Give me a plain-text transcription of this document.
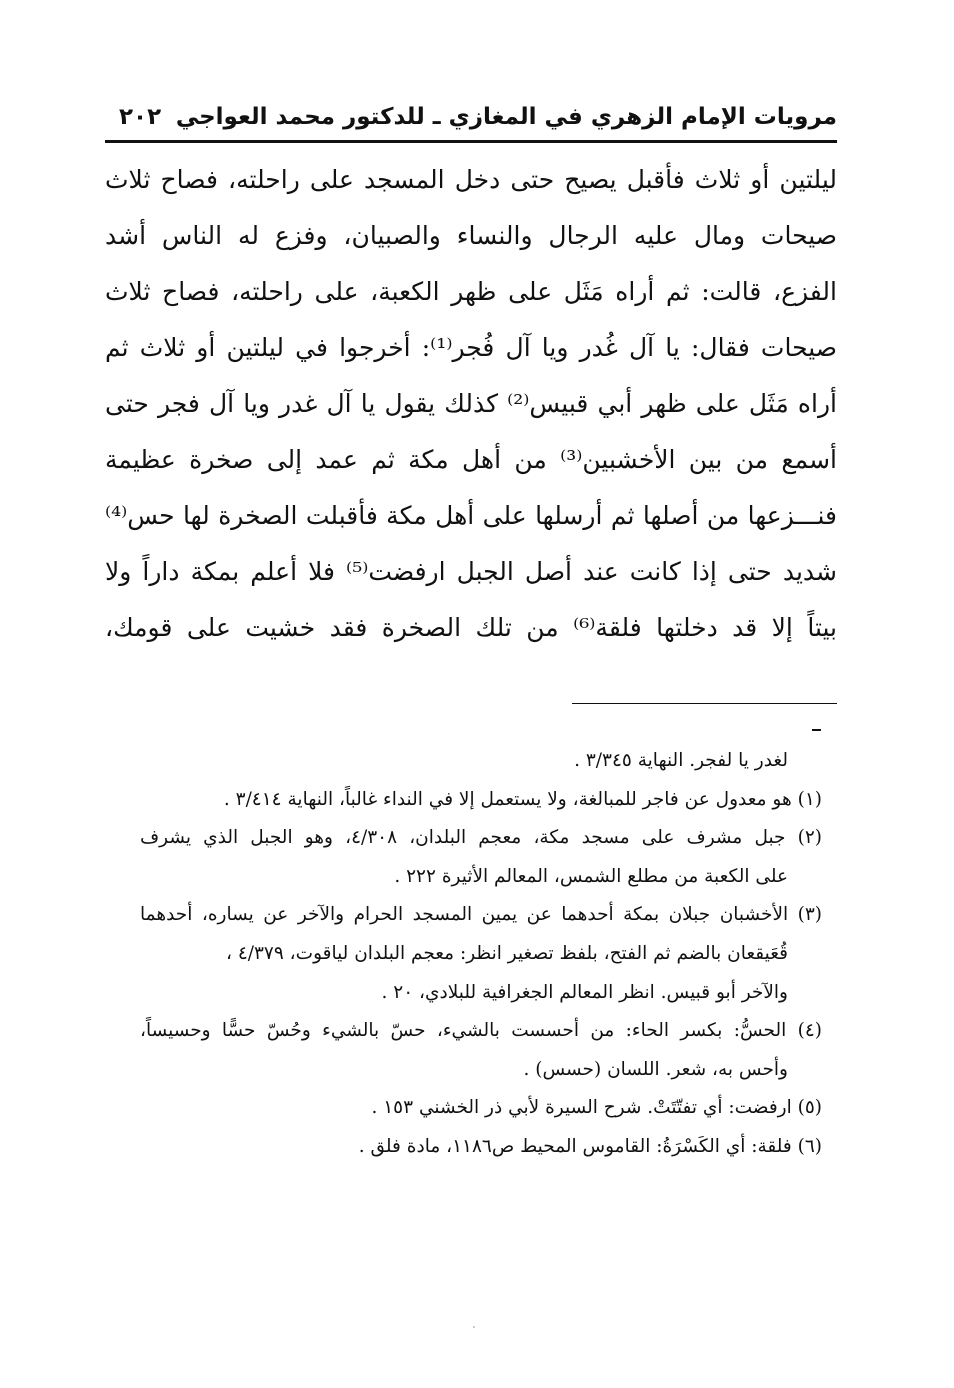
مرويات الإمام الزهري في المغازي ـ للدكتور محمد العواجي
٢٠٢
ليلتين أو ثلاث فأقبل يصيح حتى دخل المسجد على راحلته، فصاح ثلاث
صيحات ومال عليه الرجال والنساء والصبيان، وفزع له الناس أشد
الفزع، قالت: ثم أراه مَثَل على ظهر الكعبة، على راحلته، فصاح ثلاث
صيحات فقال: يا آل غُدر ويا آل فُجر⁽¹⁾: أخرجوا في ليلتين أو ثلاث ثم
أراه مَثَل على ظهر أبي قبيس⁽²⁾ كذلك يقول يا آل غدر ويا آل فجر حتى
أسمع من بين الأخشبين⁽³⁾ من أهل مكة ثم عمد إلى صخرة عظيمة
فنـــزعها من أصلها ثم أرسلها على أهل مكة فأقبلت الصخرة لها حس⁽⁴⁾
شديد حتى إذا كانت عند أصل الجبل ارفضت⁽⁵⁾ فلا أعلم بمكة داراً ولا
بيتاً إلا قد دخلتها فلقة⁽⁶⁾ من تلك الصخرة فقد خشيت على قومك،
لغدر يا لفجر. النهاية ٣/٣٤٥ .
(١) هو معدول عن فاجر للمبالغة، ولا يستعمل إلا في النداء غالباً، النهاية ٣/٤١٤ .
(٢) جبل مشرف على مسجد مكة، معجم البلدان، ٤/٣٠٨، وهو الجبل الذي يشرف
على الكعبة من مطلع الشمس، المعالم الأثيرة ٢٢٢ .
(٣) الأخشبان جبلان بمكة أحدهما عن يمين المسجد الحرام والآخر عن يساره، أحدهما
قُعَيقعان بالضم ثم الفتح، بلفظ تصغير انظر: معجم البلدان لياقوت، ٤/٣٧٩ ،
والآخر أبو قبيس. انظر المعالم الجغرافية للبلادي، ٢٠ .
(٤) الحسُّ: بكسر الحاء: من أحسست بالشيء، حسّ بالشيء وحُسّ حسًّا وحسيساً،
وأحس به، شعر. اللسان (حسس) .
(٥) ارفضت: أي تفتّتَتْ. شرح السيرة لأبي ذر الخشني ١٥٣ .
(٦) فلقة: أي الكَسْرَةُ: القاموس المحيط ص١١٨٦، مادة فلق .
